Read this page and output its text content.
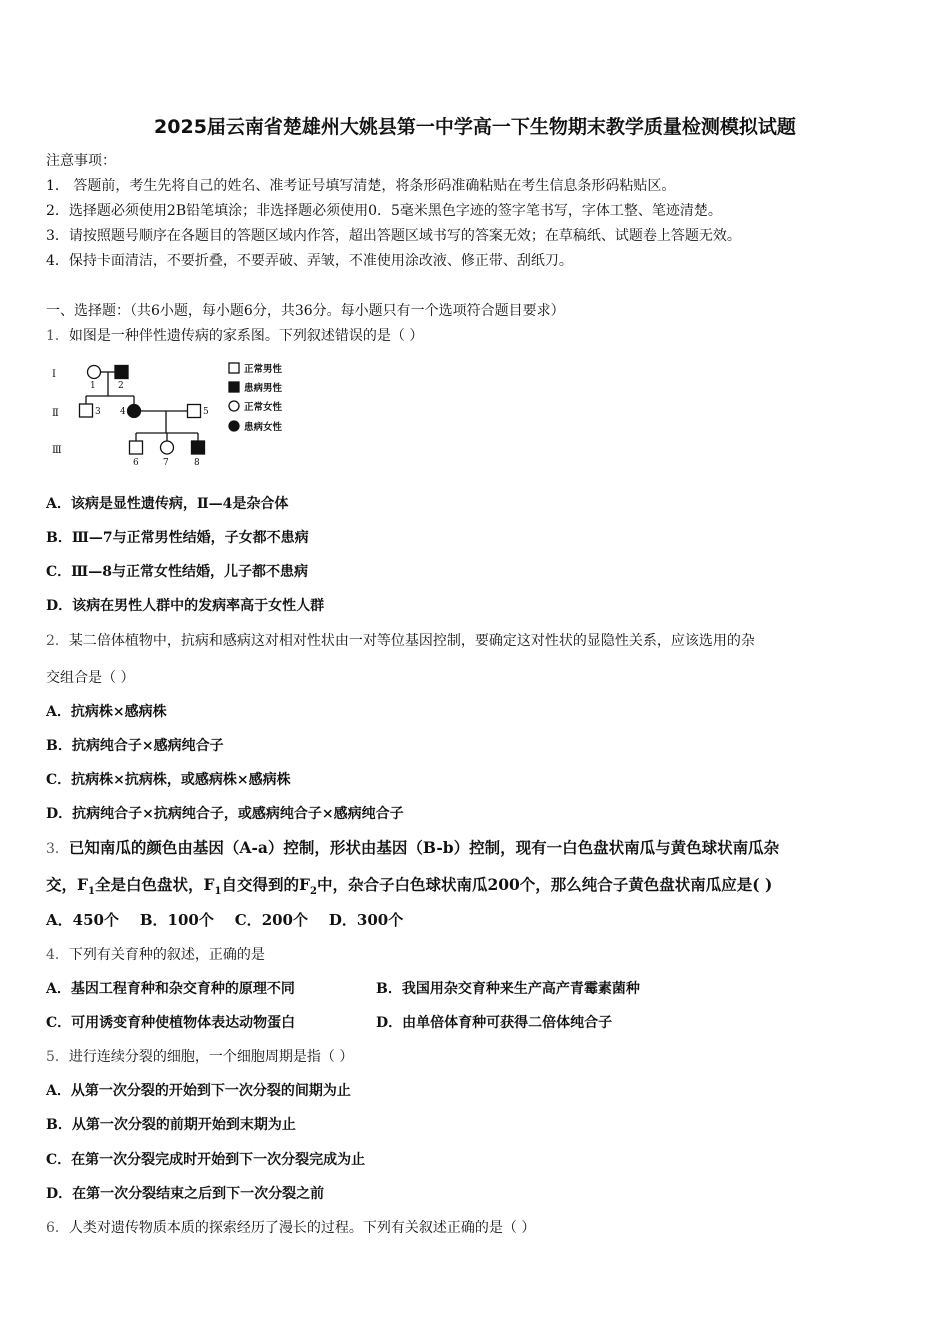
2025届云南省楚雄州大姚县第一中学高一下生物期末教学质量检测模拟试题
注意事项：
1． 答题前，考生先将自己的姓名、准考证号填写清楚，将条形码准确粘贴在考生信息条形码粘贴区。
2．选择题必须使用2B铅笔填涂；非选择题必须使用0．5毫米黑色字迹的签字笔书写，字体工整、笔迹清楚。
3．请按照题号顺序在各题目的答题区域内作答，超出答题区域书写的答案无效；在草稿纸、试题卷上答题无效。
4．保持卡面清洁，不要折叠，不要弄破、弄皱，不准使用涂改液、修正带、刮纸刀。
一、选择题：（共6小题，每小题6分，共36分。每小题只有一个选项符合题目要求）
1．如图是一种伴性遗传病的家系图。下列叙述错误的是（ ）
Ⅰ
Ⅱ
Ⅲ
1 2
3 4	5
6	7	8
正常男性
患病男性
正常女性
患病女性
A．该病是显性遗传病，Ⅱ—4是杂合体
B．Ⅲ—7与正常男性结婚，子女都不患病
C．Ⅲ—8与正常女性结婚，儿子都不患病
D．该病在男性人群中的发病率高于女性人群
2．某二倍体植物中，抗病和感病这对相对性状由一对等位基因控制，要确定这对性状的显隐性关系，应该选用的杂
交组合是（ ）
A．抗病株×感病株
B．抗病纯合子×感病纯合子
C．抗病株×抗病株，或感病株×感病株
D．抗病纯合子×抗病纯合子，或感病纯合子×感病纯合子
3．已知南瓜的颜色由基因（A-a）控制，形状由基因（B-b）控制，现有一白色盘状南瓜与黄色球状南瓜杂
交，$F_1$全是白色盘状，$F_1$自交得到的$F_2$中，杂合子白色球状南瓜200个，那么纯合子黄色盘状南瓜应是( )
A．450个 B．100个 C．200个 D．300个
4．下列有关育种的叙述，正确的是
A．基因工程育种和杂交育种的原理不同	B．我国用杂交育种来生产高产青霉素菌种
C．可用诱变育种使植物体表达动物蛋白	D．由单倍体育种可获得二倍体纯合子
5．进行连续分裂的细胞，一个细胞周期是指（ ）
A．从第一次分裂的开始到下一次分裂的间期为止
B．从第一次分裂的前期开始到末期为止
C．在第一次分裂完成时开始到下一次分裂完成为止
D．在第一次分裂结束之后到下一次分裂之前
6．人类对遗传物质本质的探索经历了漫长的过程。下列有关叙述正确的是（ ）
